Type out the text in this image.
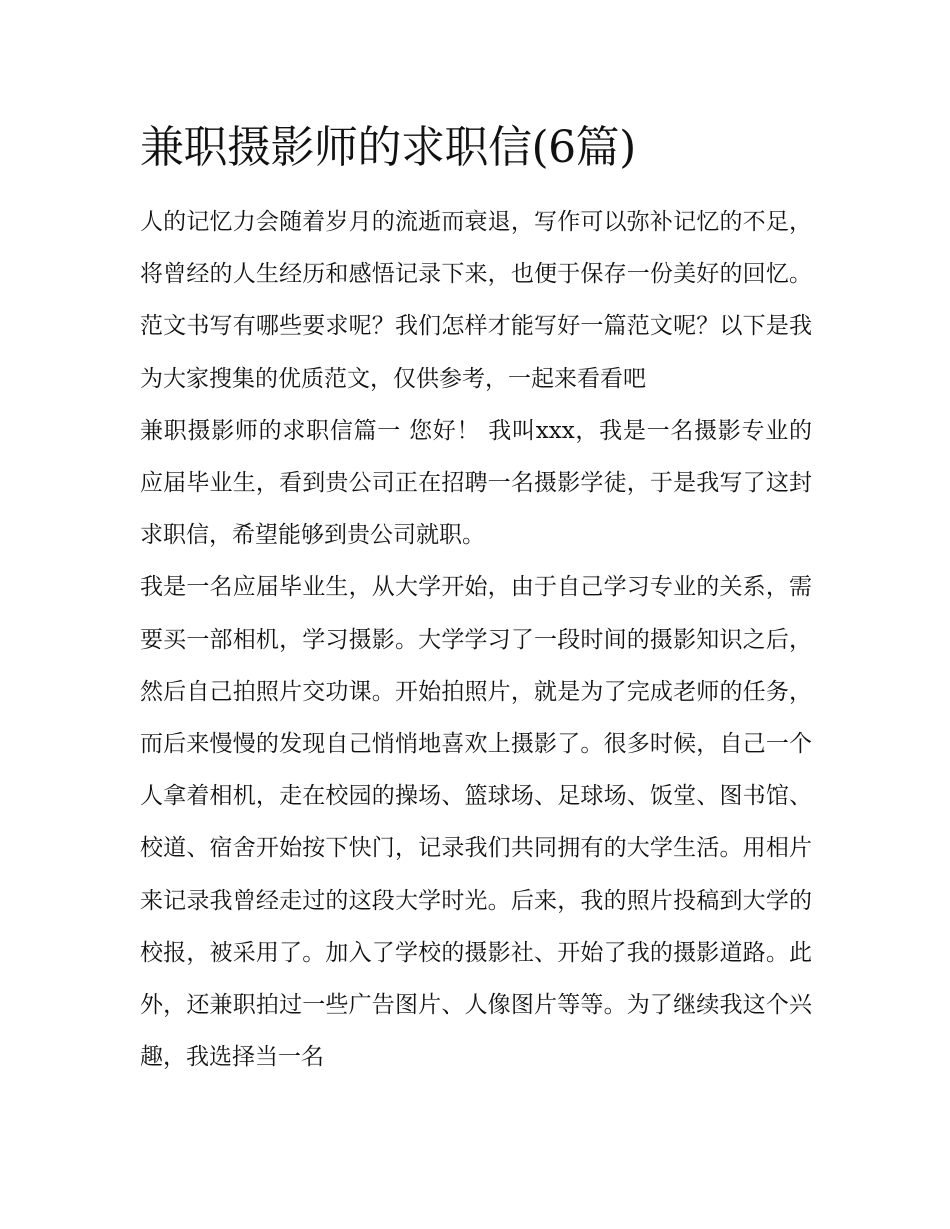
兼职摄影师的求职信(6篇)

人的记忆力会随着岁月的流逝而衰退，写作可以弥补记忆的不足，将曾经的人生经历和感悟记录下来，也便于保存一份美好的回忆。范文书写有哪些要求呢？我们怎样才能写好一篇范文呢？以下是我为大家搜集的优质范文，仅供参考，一起来看看吧

兼职摄影师的求职信篇一 您好！ 我叫xxx，我是一名摄影专业的应届毕业生，看到贵公司正在招聘一名摄影学徒，于是我写了这封求职信，希望能够到贵公司就职。

我是一名应届毕业生，从大学开始，由于自己学习专业的关系，需要买一部相机，学习摄影。大学学习了一段时间的摄影知识之后，然后自己拍照片交功课。开始拍照片，就是为了完成老师的任务，而后来慢慢的发现自己悄悄地喜欢上摄影了。很多时候，自己一个人拿着相机，走在校园的操场、篮球场、足球场、饭堂、图书馆、校道、宿舍开始按下快门，记录我们共同拥有的大学生活。用相片来记录我曾经走过的这段大学时光。后来，我的照片投稿到大学的校报，被采用了。加入了学校的摄影社、开始了我的摄影道路。此外，还兼职拍过一些广告图片、人像图片等等。为了继续我这个兴趣，我选择当一名
